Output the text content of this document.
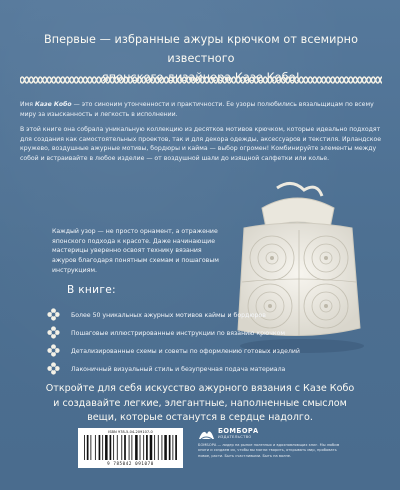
Впервые — избранные ажуры крючком от всемирно известного
японского дизайнера Казе Кобо!

Имя Казе Кобо — это синоним утонченности и практичности. Ее узоры полюбились вязальщицам по всему миру за изысканность и легкость в исполнении.

В этой книге она собрала уникальную коллекцию из десятков мотивов крючком, которые идеально подходят для создания как самостоятельных проектов, так и для декора одежды, аксессуаров и текстиля. Ирландское кружево, воздушные ажурные мотивы, бордюры и кайма — выбор огромен! Комбинируйте элементы между собой и встраивайте в любое изделие — от воздушной шали до изящной салфетки или колье.

Каждый узор — не просто орнамент, а отражение японского подхода к красоте. Даже начинающие мастерицы уверенно освоят технику вязания ажуров благодаря понятным схемам и пошаговым инструкциям.
В книге:
Более 50 уникальных ажурных мотивов каймы и бордюров
Пошаговые иллюстрированные инструкции по вязанию крючком
Детализированные схемы и советы по оформлению готовых изделий
Лаконичный визуальный стиль и безупречная подача материала
Откройте для себя искусство ажурного вязания с Казе Кобо
и создавайте легкие, элегантные, наполненные смыслом
вещи, которые останутся в сердце надолго.
ISBN 978-5-04-209107-0
9 785042 091070
БОМБОРА
ИЗДАТЕЛЬСТВО
БОМБОРА — лидер на рынке полезных и вдохновляющих книг. Мы любим книги и создаем их, чтобы вы могли творить, открывать мир, пробовать новое, расти. Быть счастливыми. Быть на волне.
